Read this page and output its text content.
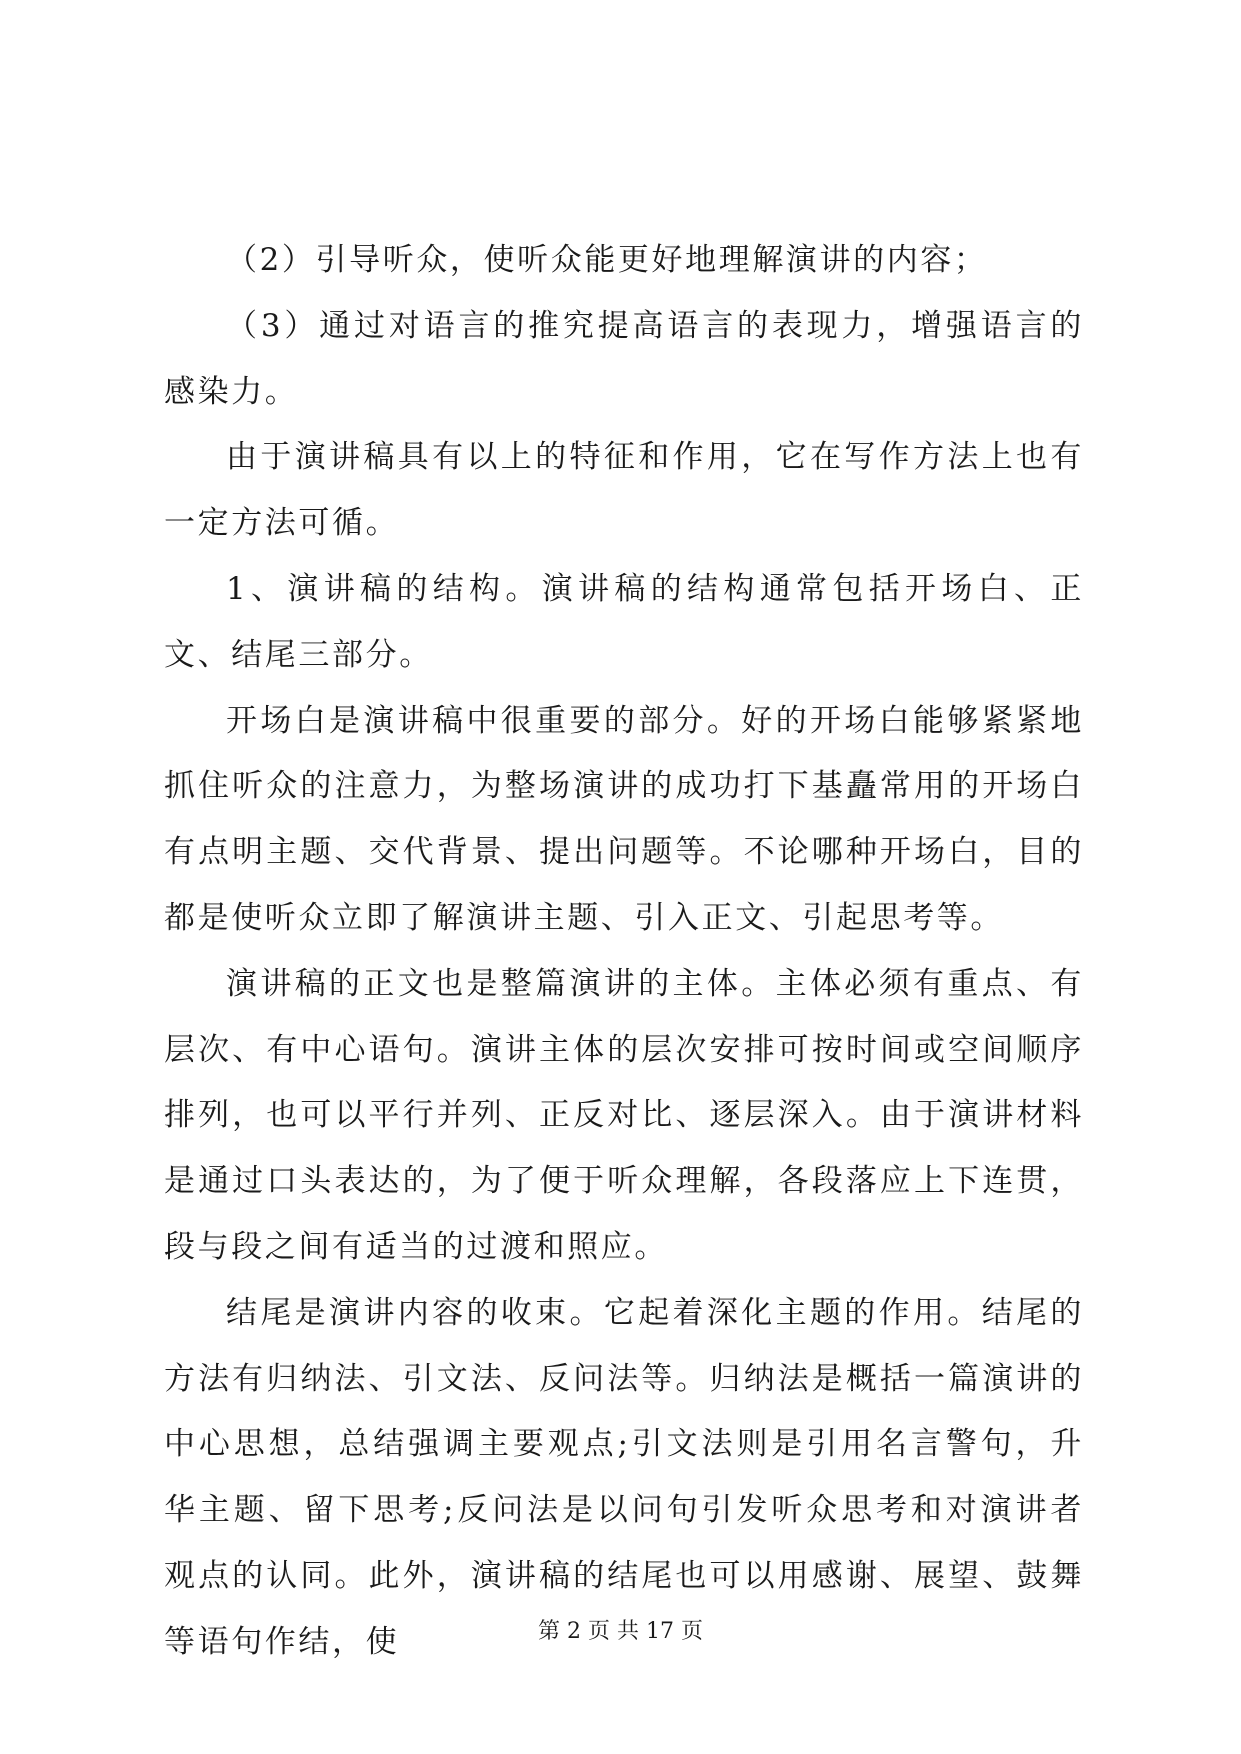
（2）引导听众，使听众能更好地理解演讲的内容；

（3）通过对语言的推究提高语言的表现力，增强语言的感染力。

由于演讲稿具有以上的特征和作用，它在写作方法上也有一定方法可循。

1、演讲稿的结构。演讲稿的结构通常包括开场白、正文、结尾三部分。

开场白是演讲稿中很重要的部分。好的开场白能够紧紧地抓住听众的注意力，为整场演讲的成功打下基矗常用的开场白有点明主题、交代背景、提出问题等。不论哪种开场白，目的都是使听众立即了解演讲主题、引入正文、引起思考等。

演讲稿的正文也是整篇演讲的主体。主体必须有重点、有层次、有中心语句。演讲主体的层次安排可按时间或空间顺序排列，也可以平行并列、正反对比、逐层深入。由于演讲材料是通过口头表达的，为了便于听众理解，各段落应上下连贯，段与段之间有适当的过渡和照应。

结尾是演讲内容的收束。它起着深化主题的作用。结尾的方法有归纳法、引文法、反问法等。归纳法是概括一篇演讲的中心思想，总结强调主要观点;引文法则是引用名言警句，升华主题、留下思考;反问法是以问句引发听众思考和对演讲者观点的认同。此外，演讲稿的结尾也可以用感谢、展望、鼓舞等语句作结，使	第 2 页 共 17 页
